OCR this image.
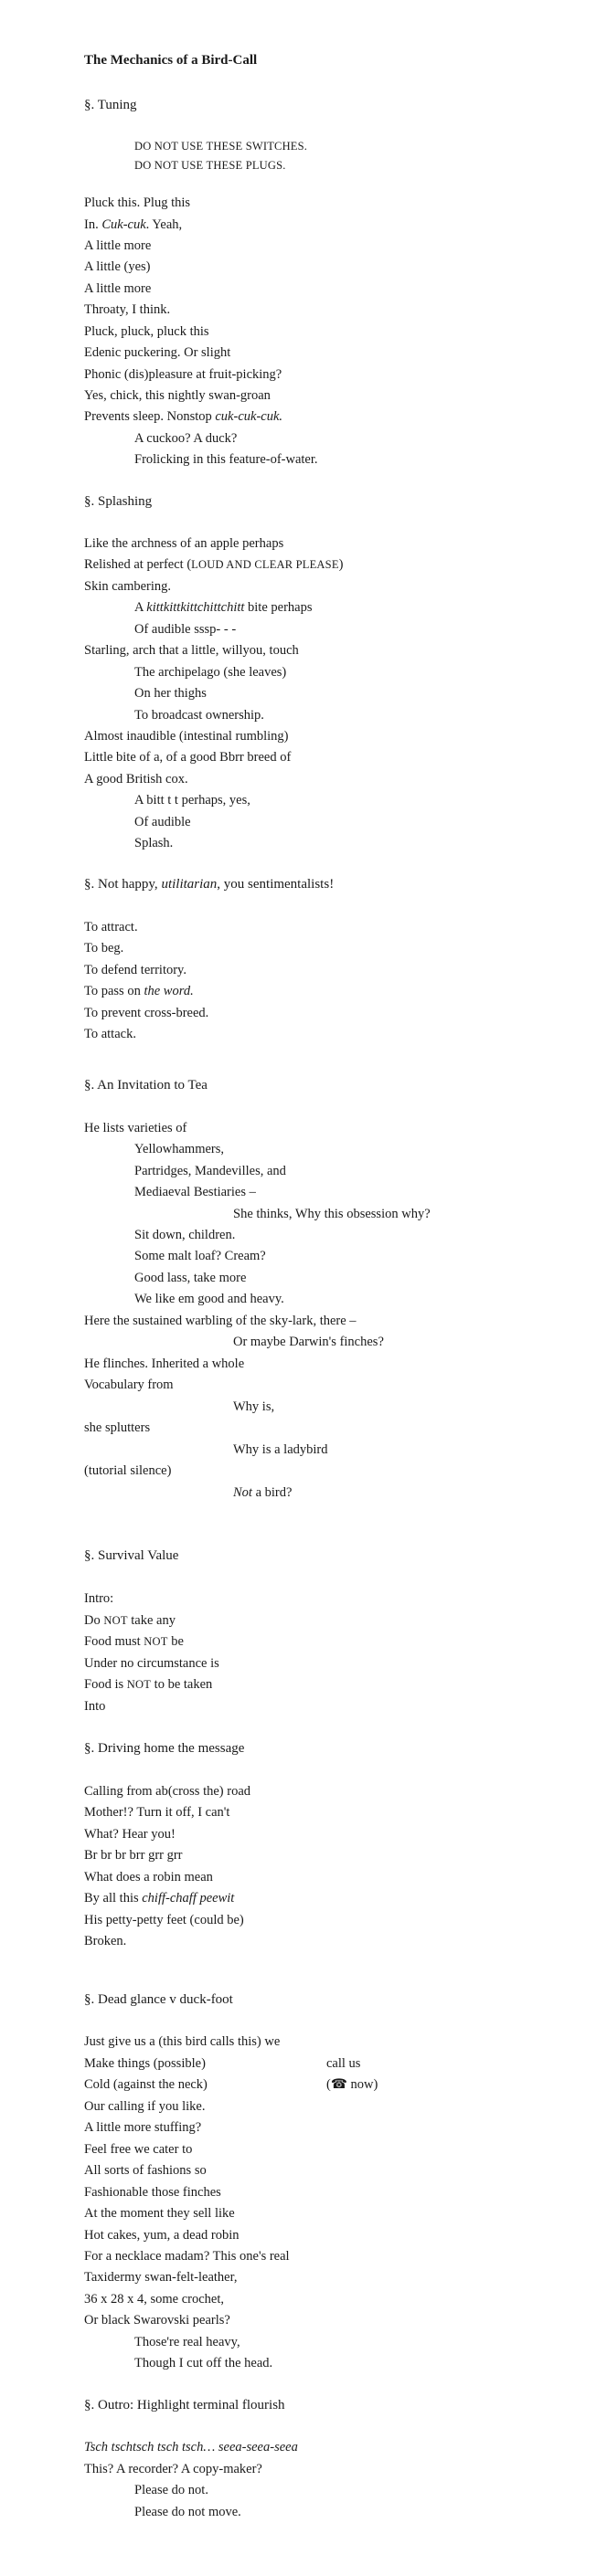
The Mechanics of a Bird-Call
§. Tuning
DO NOT USE THESE SWITCHES.
DO NOT USE THESE PLUGS.
Pluck this. Plug this
In. Cuk-cuk. Yeah,
A little more
A little (yes)
A little more
Throaty, I think.
Pluck, pluck, pluck this
Edenic puckering. Or slight
Phonic (dis)pleasure at fruit-picking?
Yes, chick, this nightly swan-groan
Prevents sleep. Nonstop cuk-cuk-cuk.
A cuckoo? A duck?
Frolicking in this feature-of-water.
§. Splashing
Like the archness of an apple perhaps
Relished at perfect (LOUD AND CLEAR PLEASE)
Skin cambering.
A kittkittkittchittchitt bite perhaps
Of audible sssp- - -
Starling, arch that a little, willyou, touch
The archipelago (she leaves)
On her thighs
To broadcast ownership.
Almost inaudible (intestinal rumbling)
Little bite of a, of a good Bbrr breed of
A good British cox.
A bitt t t perhaps, yes,
Of audible
Splash.
§. Not happy, utilitarian, you sentimentalists!
To attract.
To beg.
To defend territory.
To pass on the word.
To prevent cross-breed.
To attack.
§. An Invitation to Tea
He lists varieties of
Yellowhammers,
Partridges, Mandevilles, and
Mediaeval Bestiaries –
She thinks, Why this obsession why?
Sit down, children.
Some malt loaf? Cream?
Good lass, take more
We like em good and heavy.
Here the sustained warbling of the sky-lark, there –
Or maybe Darwin's finches?
He flinches. Inherited a whole
Vocabulary from
Why is,
she splutters
Why is a ladybird
(tutorial silence)
Not a bird?
§. Survival Value
Intro:
Do NOT take any
Food must NOT be
Under no circumstance is
Food is NOT to be taken
Into
§. Driving home the message
Calling from ab(cross the) road
Mother!? Turn it off, I can't
What? Hear you!
Br br br brr grr grr
What does a robin mean
By all this chiff-chaff peewit
His petty-petty feet (could be)
Broken.
§. Dead glance v duck-foot
Just give us a (this bird calls this) we
Make things (possible)	call us
Cold (against the neck)	(☎ now)
Our calling if you like.
A little more stuffing?
Feel free we cater to
All sorts of fashions so
Fashionable those finches
At the moment they sell like
Hot cakes, yum, a dead robin
For a necklace madam? This one's real
Taxidermy swan-felt-leather,
36 x 28 x 4, some crochet,
Or black Swarovski pearls?
Those're real heavy,
Though I cut off the head.
§. Outro: Highlight terminal flourish
Tsch tschtsch tsch tsch… seea-seea-seea
This? A recorder? A copy-maker?
Please do not.
Please do not move.
